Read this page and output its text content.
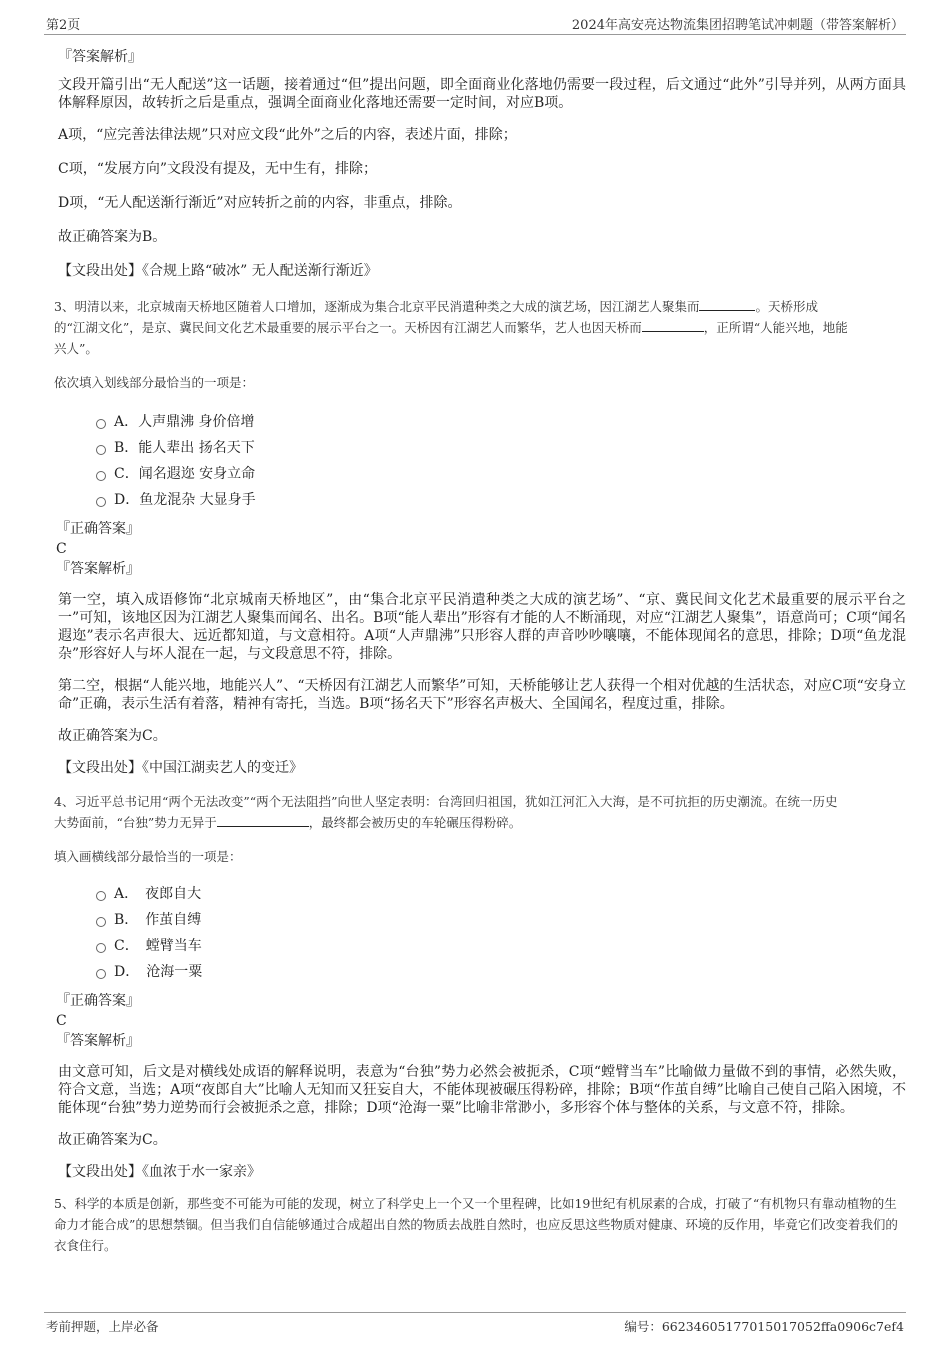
第2页	2024年高安亮达物流集团招聘笔试冲刺题（带答案解析）
『答案解析』
文段开篇引出“无人配送”这一话题，接着通过“但”提出问题，即全面商业化落地仍需要一段过程，后文通过“此外”引导并列，从两方面具体解释原因，故转折之后是重点，强调全面商业化落地还需要一定时间，对应B项。
A项，“应完善法律法规”只对应文段“此外”之后的内容，表述片面，排除；
C项，“发展方向”文段没有提及，无中生有，排除；
D项，“无人配送渐行渐近”对应转折之前的内容，非重点，排除。
故正确答案为B。
【文段出处】《合规上路“破冰” 无人配送渐行渐近》
3、明清以来，北京城南天桥地区随着人口增加，逐渐成为集合北京平民消遣种类之大成的演艺场，因江湖艺人聚集而	。天桥形成
的“江湖文化”，是京、冀民间文化艺术最重要的展示平台之一。天桥因有江湖艺人而繁华，艺人也因天桥而	，正所谓“人能兴地，地能
兴人”。
依次填入划线部分最恰当的一项是：
A．人声鼎沸 身价倍增
B．能人辈出 扬名天下
C．闻名遐迩 安身立命
D．鱼龙混杂 大显身手
『正确答案』
C
『答案解析』
第一空，填入成语修饰“北京城南天桥地区”，由“集合北京平民消遣种类之大成的演艺场”、“京、冀民间文化艺术最重要的展示平台之一”可知，该地区因为江湖艺人聚集而闻名、出名。B项“能人辈出”形容有才能的人不断涌现，对应“江湖艺人聚集”，语意尚可；C项“闻名遐迩”表示名声很大、远近都知道，与文意相符。A项“人声鼎沸”只形容人群的声音吵吵嚷嚷，不能体现闻名的意思，排除；D项“鱼龙混杂”形容好人与坏人混在一起，与文段意思不符，排除。
第二空，根据“人能兴地，地能兴人”、“天桥因有江湖艺人而繁华”可知，天桥能够让艺人获得一个相对优越的生活状态，对应C项“安身立命”正确，表示生活有着落，精神有寄托，当选。B项“扬名天下”形容名声极大、全国闻名，程度过重，排除。
故正确答案为C。
【文段出处】《中国江湖卖艺人的变迁》
4、习近平总书记用“两个无法改变”“两个无法阻挡”向世人坚定表明：台湾回归祖国，犹如江河汇入大海，是不可抗拒的历史潮流。在统一历史
大势面前，“台独”势力无异于	，最终都会被历史的车轮碾压得粉碎。
填入画横线部分最恰当的一项是：
A．　夜郎自大
B．　作茧自缚
C．　螳臂当车
D．　沧海一粟
『正确答案』
C
『答案解析』
由文意可知，后文是对横线处成语的解释说明，表意为“台独”势力必然会被扼杀，C项“螳臂当车”比喻做力量做不到的事情，必然失败，符合文意，当选；A项“夜郎自大”比喻人无知而又狂妄自大，不能体现被碾压得粉碎，排除；B项“作茧自缚”比喻自己使自己陷入困境，不能体现“台独”势力逆势而行会被扼杀之意，排除；D项“沧海一粟”比喻非常渺小，多形容个体与整体的关系，与文意不符，排除。
故正确答案为C。
【文段出处】《血浓于水一家亲》
5、科学的本质是创新，那些变不可能为可能的发现，树立了科学史上一个又一个里程碑，比如19世纪有机尿素的合成，打破了“有机物只有靠动植物的生命力才能合成”的思想禁锢。但当我们自信能够通过合成超出自然的物质去战胜自然时，也应反思这些物质对健康、环境的反作用，毕竟它们改变着我们的衣食住行。
考前押题，上岸必备	编号：6623460517701501705​2ffa0906c7ef4
